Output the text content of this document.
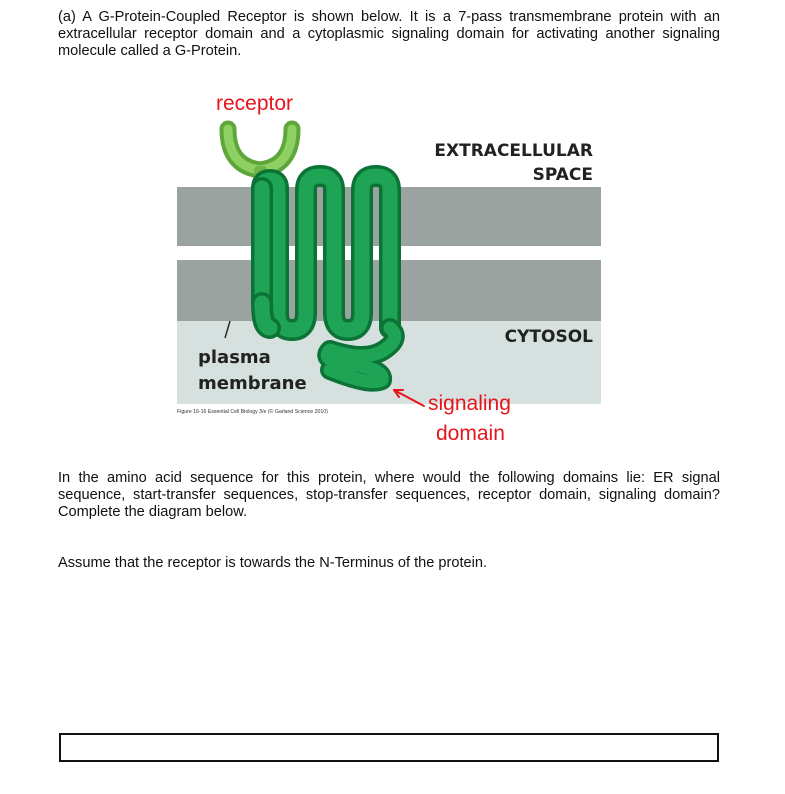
(a) A G-Protein-Coupled Receptor is shown below. It is a 7-pass transmembrane protein with an extracellular receptor domain and a cytoplasmic signaling domain for activating another signaling molecule called a G-Protein.

receptor
EXTRACELLULAR
SPACE
CYTOSOL
plasma
membrane
Figure 16-16 Essential Cell Biology 3/e (© Garland Science 2010)	signaling
domain

In the amino acid sequence for this protein, where would the following domains lie: ER signal sequence, start-transfer sequences, stop-transfer sequences, receptor domain, signaling domain? Complete the diagram below.

Assume that the receptor is towards the N-Terminus of the protein.
